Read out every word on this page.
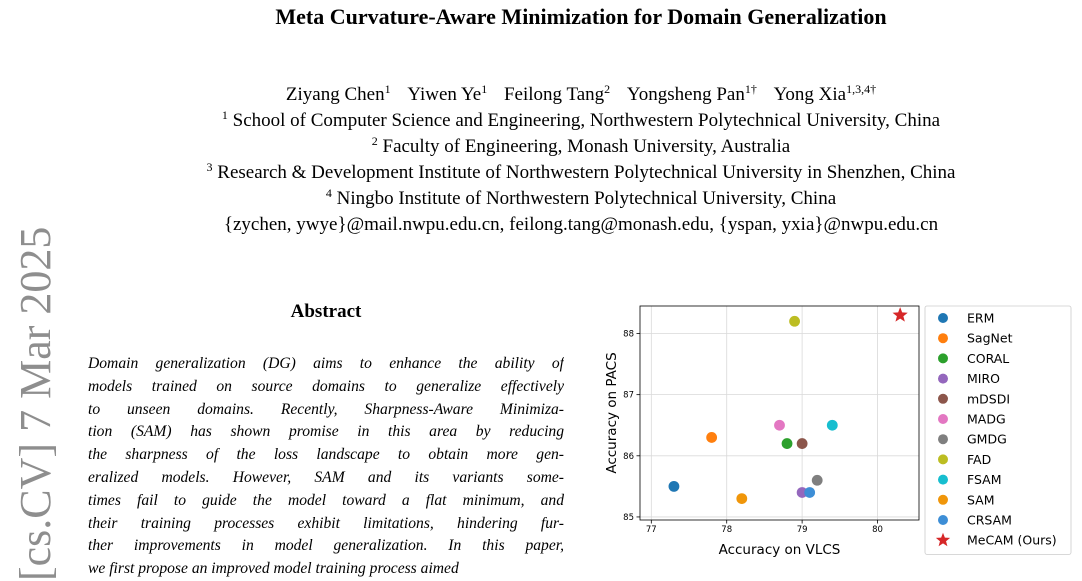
[cs.CV] 7 Mar 2025
Meta Curvature-Aware Minimization for Domain Generalization
Ziyang Chen$^1$ Yiwen Ye$^1$ Feilong Tang$^2$ Yongsheng Pan$^{1\dagger}$ Yong Xia$^{1,3,4\dagger}$
$^1$ School of Computer Science and Engineering, Northwestern Polytechnical University, China
$^2$ Faculty of Engineering, Monash University, Australia
$^3$ Research & Development Institute of Northwestern Polytechnical University in Shenzhen, China
$^4$ Ningbo Institute of Northwestern Polytechnical University, China
{zychen, ywye}@mail.nwpu.edu.cn, feilong.tang@monash.edu, {yspan, yxia}@nwpu.edu.cn
Abstract
Domain generalization (DG) aims to enhance the ability of
models trained on source domains to generalize effectively
to unseen domains. Recently, Sharpness-Aware Minimiza-
tion (SAM) has shown promise in this area by reducing
the sharpness of the loss landscape to obtain more gen-
eralized models. However, SAM and its variants some-
times fail to guide the model toward a flat minimum, and
their training processes exhibit limitations, hindering fur-
ther improvements in model generalization. In this paper,
we first propose an improved model training process aimed
77	78	79	80
85
86
87
88
Accuracy on VLCS
Accuracy on PACS
ERM
SagNet
CORAL
MIRO
mDSDI
MADG
GMDG
FAD
FSAM
SAM
CRSAM
MeCAM (Ours)
